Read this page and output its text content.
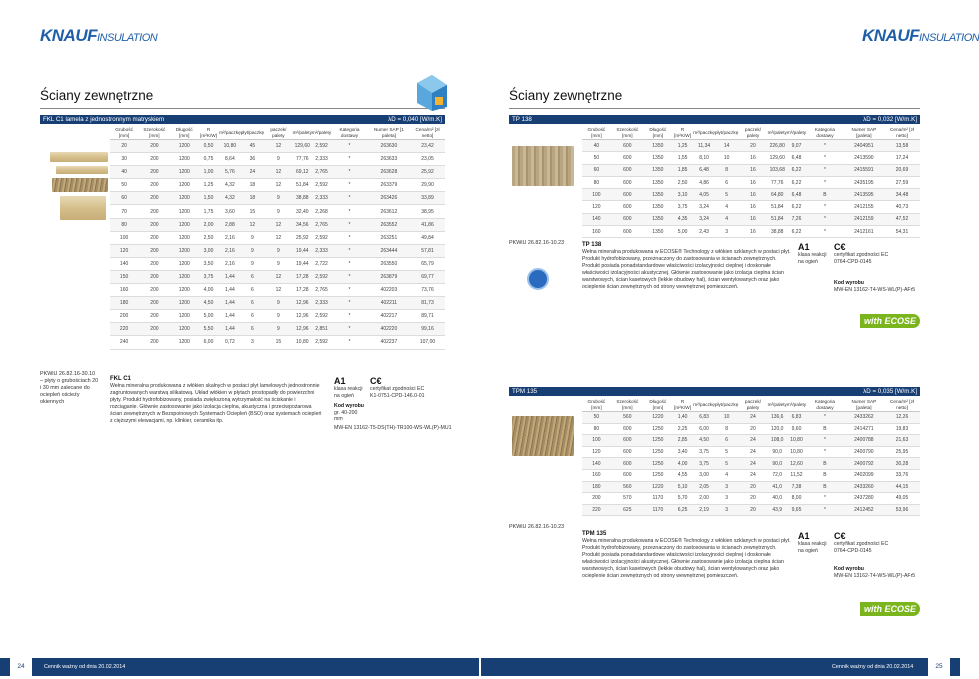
KNAUFINSULATION
Ściany zewnętrzne
FKL C1 lamela z jednostronnym matryskiem	λD = 0,040 [W/m.K]
Grubość [mm]	Szerokość [mm]	Długość [mm]	R [m²K/W]	m²/paczkę	płyt/paczkę	paczek/ palety	m²/palety	m²/palety	Kategoria dostawy	Numer SAP [1 paleta]	Cena/m² [zł netto]
20	200	1200	0,50	10,80	45	12	129,60	2,592	*	263630	23,42
30	200	1200	0,75	8,64	36	9	77,76	2,333	*	263633	23,05
40	200	1200	1,00	5,76	24	12	69,12	2,765	*	263628	25,92
50	200	1200	1,25	4,32	18	12	51,84	2,592	*	263379	29,90
60	200	1200	1,50	4,32	18	9	38,88	2,333	*	263426	33,89
70	200	1200	1,75	3,60	15	9	32,40	2,268	*	263612	38,95
80	200	1200	2,00	2,88	12	12	34,56	2,765	*	263552	41,86
100	200	1200	2,50	2,16	9	12	25,92	2,592	*	263251	49,84
120	200	1200	3,00	2,16	9	9	19,44	2,333	*	263444	57,81
140	200	1200	3,50	2,16	9	9	19,44	2,722	*	263550	65,79
150	200	1200	3,75	1,44	6	12	17,28	2,592	*	263879	69,77
160	200	1200	4,00	1,44	6	12	17,28	2,765	*	402203	73,76
180	200	1200	4,50	1,44	6	9	12,96	2,333	*	402211	81,73
200	200	1200	5,00	1,44	6	9	12,96	2,592	*	402217	89,71
220	200	1200	5,50	1,44	6	9	12,96	2,851	*	402220	99,16
240	200	1200	6,00	0,72	3	15	10,80	2,592	*	402237	107,00
PKWiU 26.82.16-30.10
– płyty o grubościach 20 i 30 mm zalecane do ocieplеń ościeży okiennych
FKL C1
Wełna mineralna produkowana z włókien skalnych w postaci płyt lamelowych jednostronnie zagruntowanych warstwą silikatową. Układ włókien w płytach prostopadły do powierzchni płyty. Produkt hydrofobizowany, posiada zwiększoną wytrzymałość na ściskanie i rozciąganie. Głównie zastosowanie jako izolacja cieplna, akustyczna i przeciwpożarowa ścian zewnętrznych w Bezspoinowych Systemach Ociepleń (BSO) oraz systemach ociepleń z cięższymi elewacjami, np. klinkier, ceramika itp.
A1
klasa reakcji na ogień
Kod wyrobu
gr. 40-200 mm
C€
certyfikat zgodności EC
K1-0751-CPD-146.0-01
MW-EN 13162-T5-DS(TH)-TR100-WS-WL(P)-MU1
24	Cennik ważny od dnia 20.02.2014
KNAUFINSULATION
Ściany zewnętrzne
TP 138	λD = 0,032 [W/m.K]
PKWiU 26.82.16-10.23
Grubość [mm]	Szerokość [mm]	Długość [mm]	R [m²K/W]	m²/paczkę	płyt/paczkę	paczek/ palety	m²/palety	m³/palety	Kategoria dostawy	Numer SAP [paleta]	Cena/m² [zł netto]
40	600	1350	1,25	11,34	14	20	226,80	9,07	*	2404951	13,58
50	600	1350	1,55	8,10	10	16	129,60	6,48	*	2413590	17,24
60	600	1350	1,85	6,48	8	16	103,68	6,22	*	2415591	20,69
80	600	1350	2,50	4,86	6	16	77,76	6,22	*	2435195	27,59
100	600	1350	3,10	4,05	5	16	64,80	6,48	B	2413595	34,48
120	600	1350	3,75	3,24	4	16	51,84	6,22	*	2412155	40,73
140	600	1350	4,35	3,24	4	16	51,84	7,26	*	2412159	47,52
160	600	1350	5,00	2,43	3	16	38,88	6,22	*	2412161	54,31
TP 138
Wełna mineralna produkowana w ECOSE® Technology z włókien szklanych w postaci płyt. Produkt hydrofobizowany, przeznaczony do zastosowania w ścianach zewnętrznych. Produkt posiada ponadstandardowe właściwości izolacyjności cieplnej i doskonałe właściwości izolacyjności akustycznej. Głównie zastosowanie jako izolacja cieplna ścian warstwowych, ścian kasetowych (lekkie obudowy hal), ścian wentylowanych oraz jako ocieplenie ścian zewnętrznych od strony wewnętrznej pomieszczeń.
A1
klasa reakcji na ogień
C€
certyfikat zgodności EC
0764-CPD-0145
Kod wyrobu
MW-EN 13162-T4-WS-WL(P)-AFr5
with ECOSE
TPM 135	λD = 0,035 [W/m.K]
PKWiU 26.82.16-10.23
Grubość [mm]	Szerokość [mm]	Długość [mm]	R [m²K/W]	m²/paczkę	płyt/paczkę	paczek/ palety	m²/palety	m³/palety	Kategoria dostawy	Numer SAP [paleta]	Cena/m² [zł netto]
50	560	1220	1,40	6,83	10	24	136,6	6,83	*	2433262	12,26
80	600	1250	2,25	6,00	8	20	120,0	9,60	B	2414271	19,83
100	600	1250	2,85	4,50	6	24	108,0	10,80	*	2400788	21,63
120	600	1250	3,40	3,75	5	24	90,0	10,80	*	2400790	25,95
140	600	1250	4,00	3,75	5	24	90,0	12,60	B	2400792	30,28
160	600	1250	4,55	3,00	4	24	72,0	11,52	B	2402099	33,76
180	560	1220	5,10	2,05	3	20	41,0	7,38	B	2433260	44,15
200	570	1170	5,70	2,00	3	20	40,0	8,00	*	2437280	49,05
220	625	1170	6,25	2,19	3	20	43,9	9,65	*	2412452	53,96
TPM 135
Wełna mineralna produkowana w ECOSE® Technology z włókien szklanych w postaci płyt. Produkt hydrofobizowany, przeznaczony do zastosowania w ścianach zewnętrznych. Produkt posiada ponadstandardowe właściwości izolacyjności cieplnej i doskonałe właściwości izolacyjności akustycznej. Głównie zastosowanie jako izolacja cieplna ścian warstwowych, ścian kasetowych (lekkie obudowy hal), ścian wentylowanych oraz jako ocieplenie ścian zewnętrznych od strony wewnętrznej pomieszczeń.
A1
klasa reakcji na ogień
C€
certyfikat zgodności EC
0764-CPD-0145
Kod wyrobu
MW-EN 13162-T4-WS-WL(P)-AFr5
with ECOSE
25
Cennik ważny od dnia 20.02.2014
